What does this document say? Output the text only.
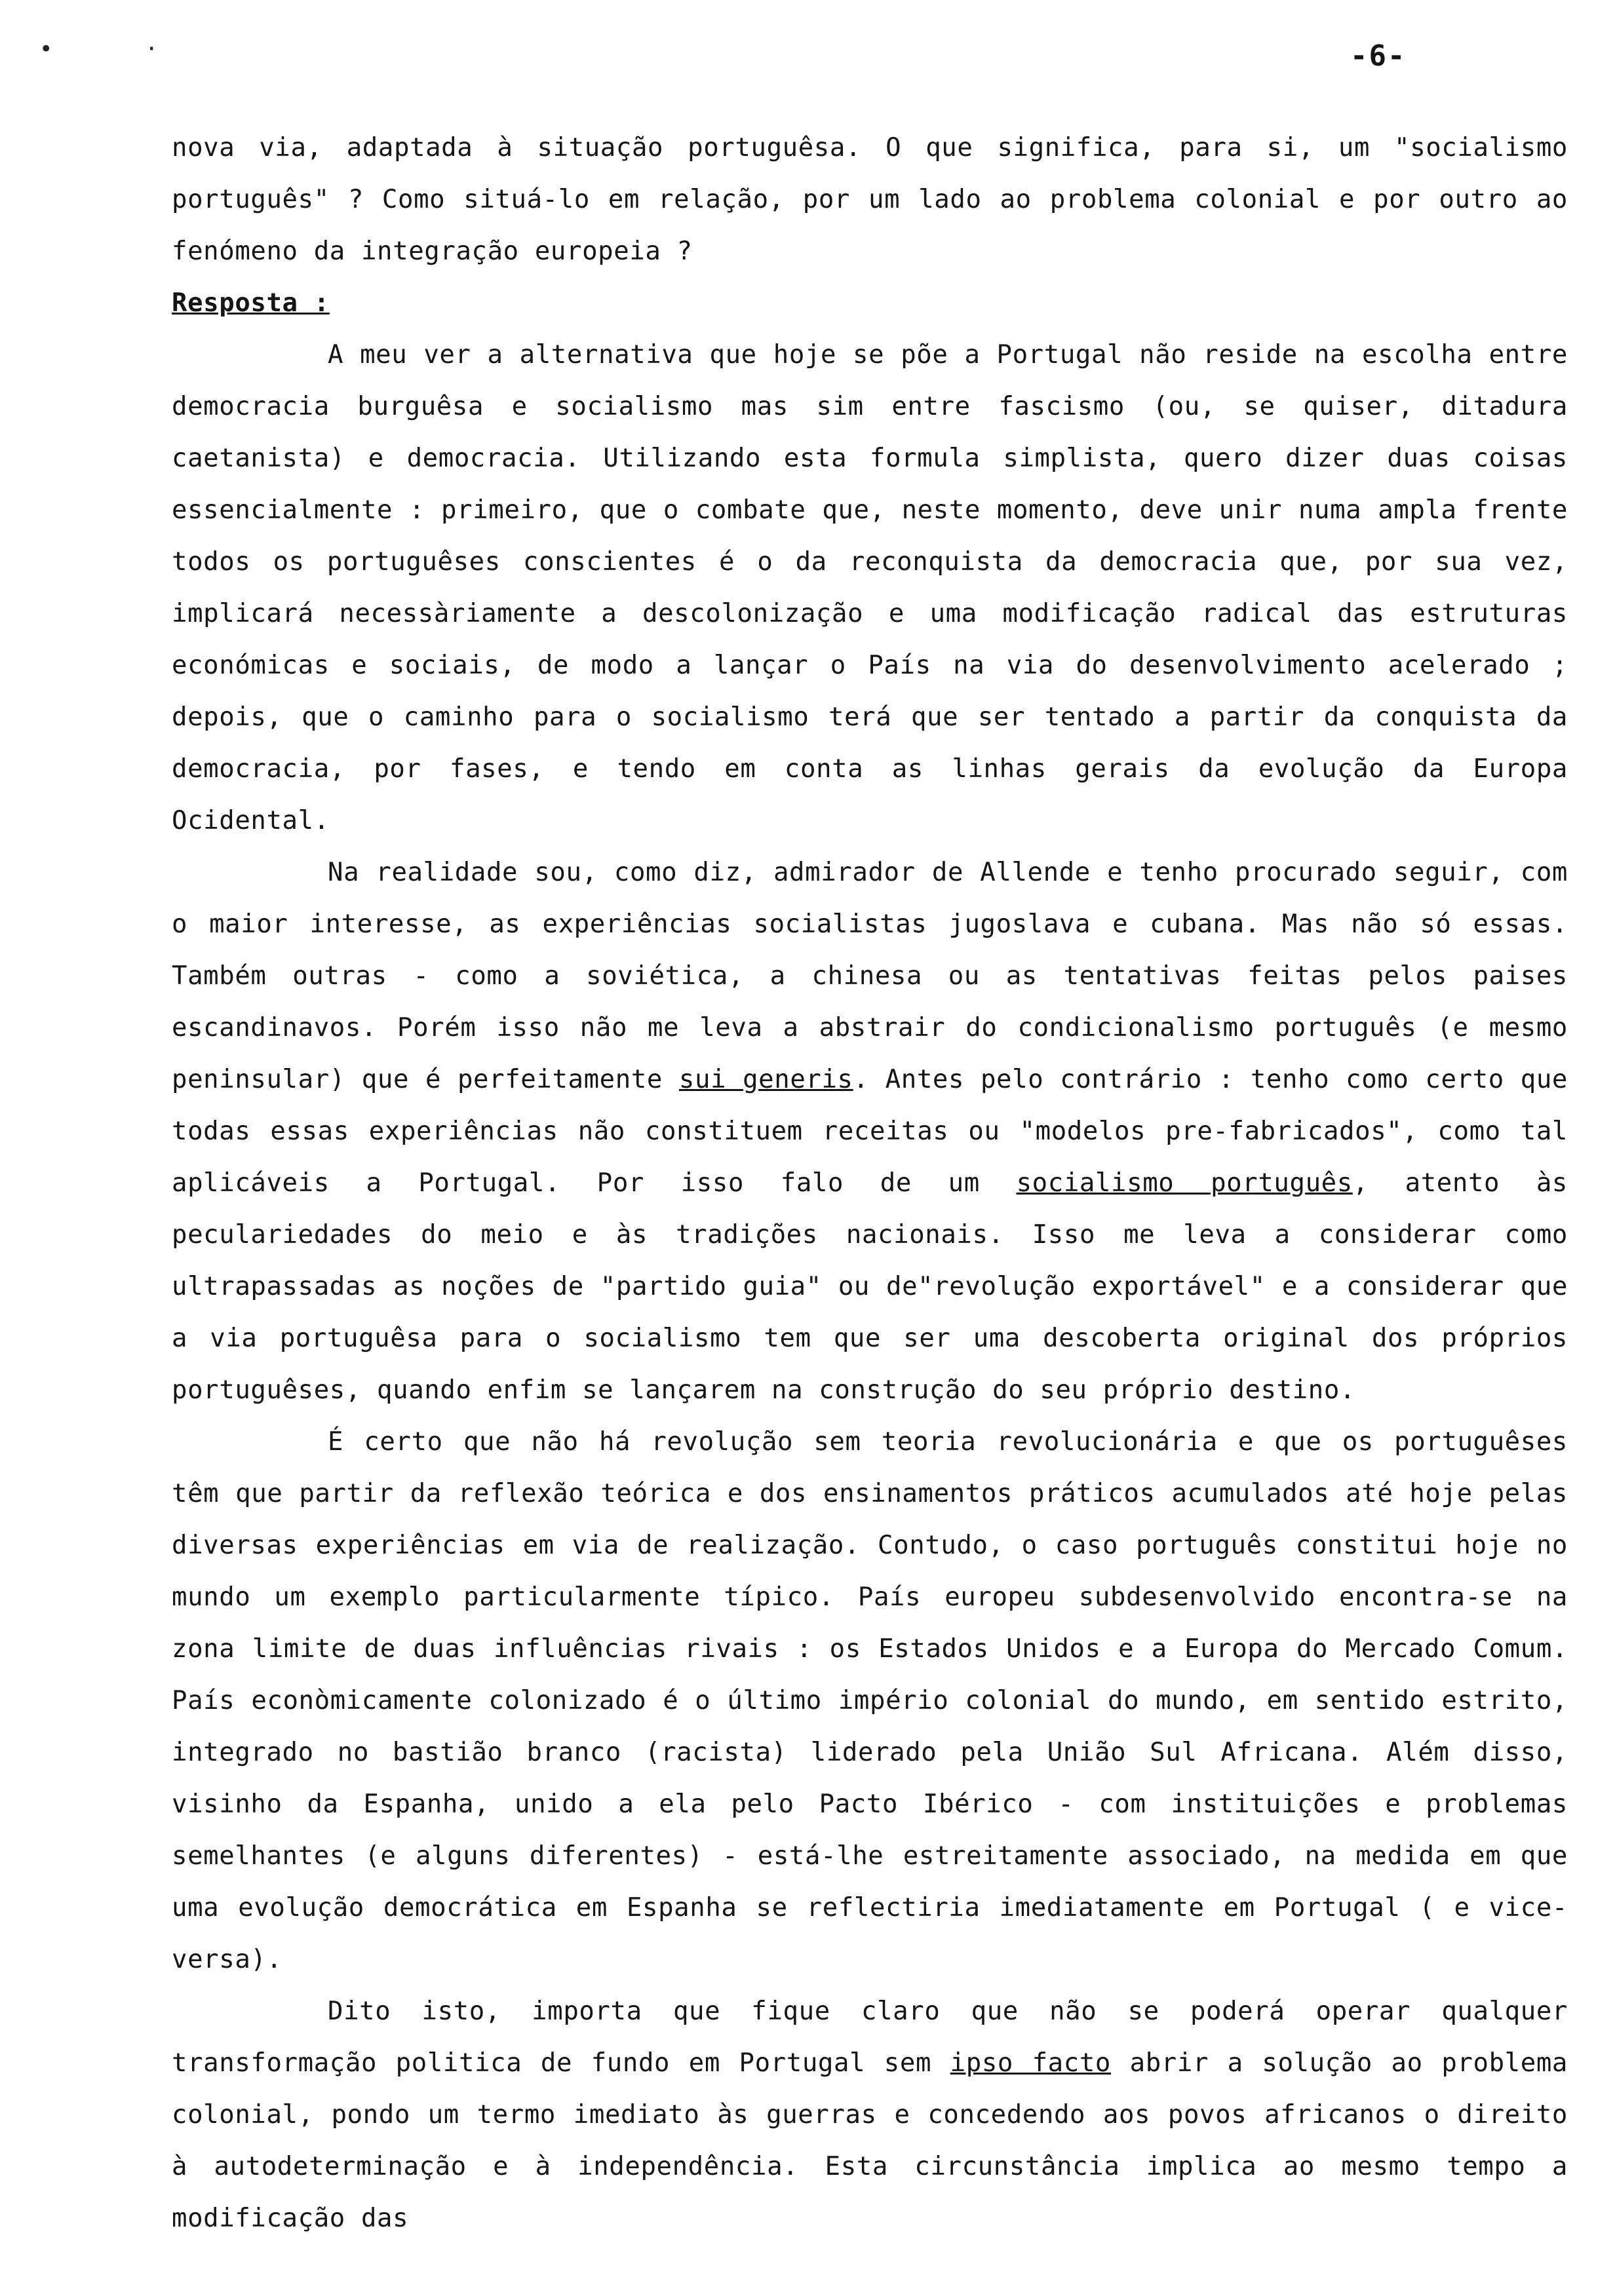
• ·	-6-

nova via, adaptada à situação portuguêsa. O que significa, para si, um "socialismo português" ? Como situá-lo em relação, por um lado ao problema colonial e por outro ao fenómeno da integração europeia ?

Resposta :

A meu ver a alternativa que hoje se põe a Portugal não reside na escolha entre democracia burguêsa e socialismo mas sim entre fascismo (ou, se quiser, ditadura caetanista) e democracia. Utilizando esta formula simplista, quero dizer duas coisas essencialmente : primeiro, que o combate que, neste momento, deve unir numa ampla frente todos os portuguêses conscientes é o da reconquista da democracia que, por sua vez, implicará necessàriamente a descolonização e uma modificação radical das estruturas económicas e sociais, de modo a lançar o País na via do desenvolvimento acelerado ; depois, que o caminho para o socialismo terá que ser tentado a partir da conquista da democracia, por fases, e tendo em conta as linhas gerais da evolução da Europa Ocidental.

Na realidade sou, como diz, admirador de Allende e tenho procurado seguir, com o maior interesse, as experiências socialistas jugoslava e cubana. Mas não só essas. Também outras - como a soviética, a chinesa ou as tentativas feitas pelos paises escandinavos. Porém isso não me leva a abstrair do condicionalismo português (e mesmo peninsular) que é perfeitamente sui generis. Antes pelo contrário : tenho como certo que todas essas experiências não constituem receitas ou "modelos pre-fabricados", como tal aplicáveis a Portugal. Por isso falo de um socialismo português, atento às peculariedades do meio e às tradições nacionais. Isso me leva a considerar como ultrapassadas as noções de "partido guia" ou de"revolução exportável" e a considerar que a via portuguêsa para o socialismo tem que ser uma descoberta original dos próprios portuguêses, quando enfim se lançarem na construção do seu próprio destino.

É certo que não há revolução sem teoria revolucionária e que os portuguêses têm que partir da reflexão teórica e dos ensinamentos práticos acumulados até hoje pelas diversas experiências em via de realização. Contudo, o caso português constitui hoje no mundo um exemplo particularmente típico. País europeu subdesenvolvido encontra-se na zona limite de duas influências rivais : os Estados Unidos e a Europa do Mercado Comum. País econòmicamente colonizado é o último império colonial do mundo, em sentido estrito, integrado no bastião branco (racista) liderado pela União Sul Africana. Além disso, visinho da Espanha, unido a ela pelo Pacto Ibérico - com instituições e problemas semelhantes (e alguns diferentes) - está-lhe estreitamente associado, na medida em que uma evolução democrática em Espanha se reflectiria imediatamente em Portugal ( e vice-versa).

Dito isto, importa que fique claro que não se poderá operar qualquer transformação politica de fundo em Portugal sem ipso facto abrir a solução ao problema colonial, pondo um termo imediato às guerras e concedendo aos povos africanos o direito à autodeterminação e à independência. Esta circunstância implica ao mesmo tempo a modificação das
